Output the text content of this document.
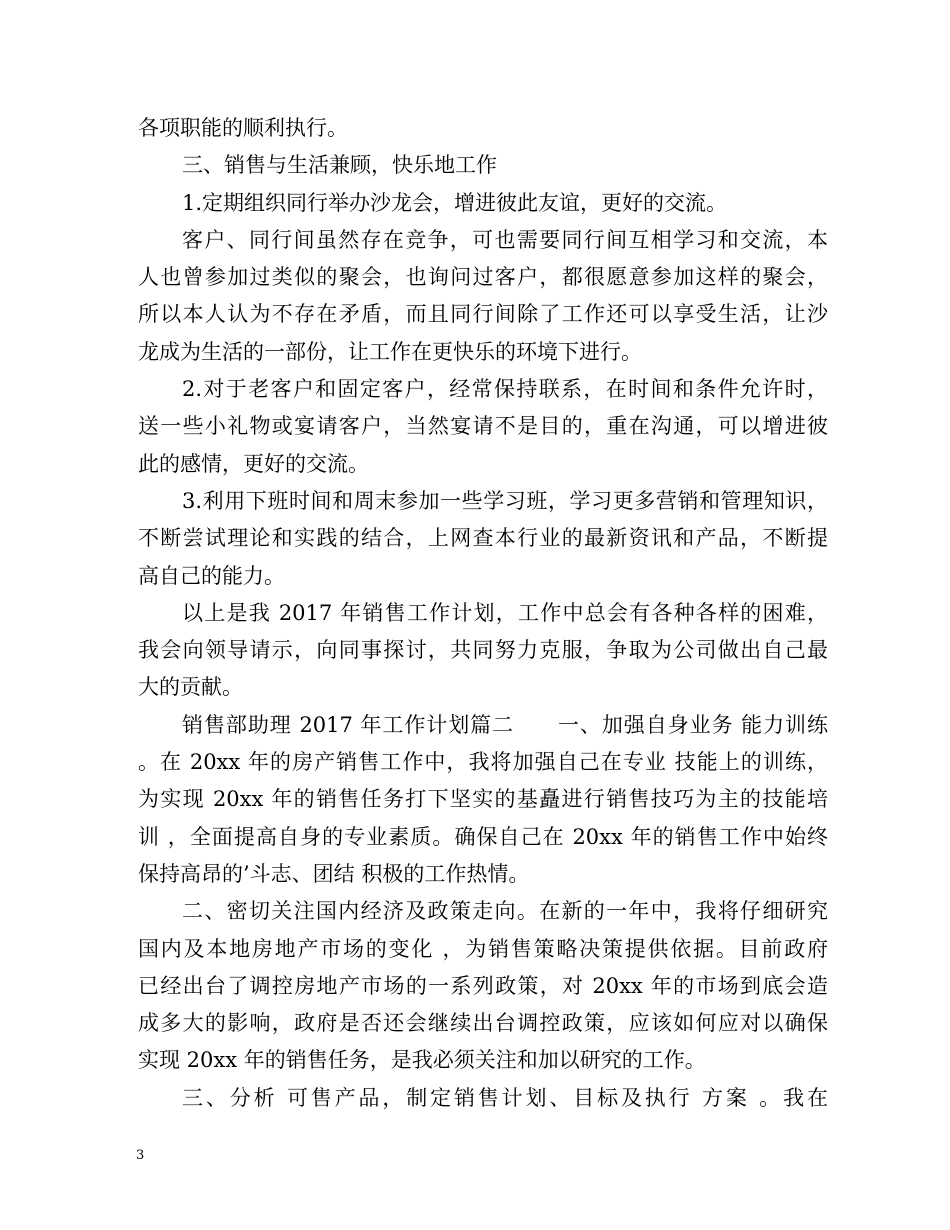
各项职能的顺利执行。
三、销售与生活兼顾，快乐地工作
1.定期组织同行举办沙龙会，增进彼此友谊，更好的交流。
客户、同行间虽然存在竞争，可也需要同行间互相学习和交流，本
人也曾参加过类似的聚会，也询问过客户，都很愿意参加这样的聚会，
所以本人认为不存在矛盾，而且同行间除了工作还可以享受生活，让沙
龙成为生活的一部份，让工作在更快乐的环境下进行。
2.对于老客户和固定客户，经常保持联系，在时间和条件允许时，
送一些小礼物或宴请客户，当然宴请不是目的，重在沟通，可以增进彼
此的感情，更好的交流。
3.利用下班时间和周末参加一些学习班，学习更多营销和管理知识，
不断尝试理论和实践的结合，上网查本行业的最新资讯和产品，不断提
高自己的能力。
以上是我 2017 年销售工作计划，工作中总会有各种各样的困难，
我会向领导请示，向同事探讨，共同努力克服，争取为公司做出自己最
大的贡献。
销售部助理 2017 年工作计划篇二　　一、加强自身业务 能力训练
。在 20xx 年的房产销售工作中，我将加强自己在专业 技能上的训练，
为实现 20xx 年的销售任务打下坚实的基矗进行销售技巧为主的技能培
训 ，全面提高自身的专业素质。确保自己在 20xx 年的销售工作中始终
保持高昂的’斗志、团结 积极的工作热情。
二、密切关注国内经济及政策走向。在新的一年中，我将仔细研究
国内及本地房地产市场的变化 ，为销售策略决策提供依据。目前政府
已经出台了调控房地产市场的一系列政策，对 20xx 年的市场到底会造
成多大的影响，政府是否还会继续出台调控政策，应该如何应对以确保
实现 20xx 年的销售任务，是我必须关注和加以研究的工作。
三、分析 可售产品，制定销售计划、目标及执行 方案 。我在
3
